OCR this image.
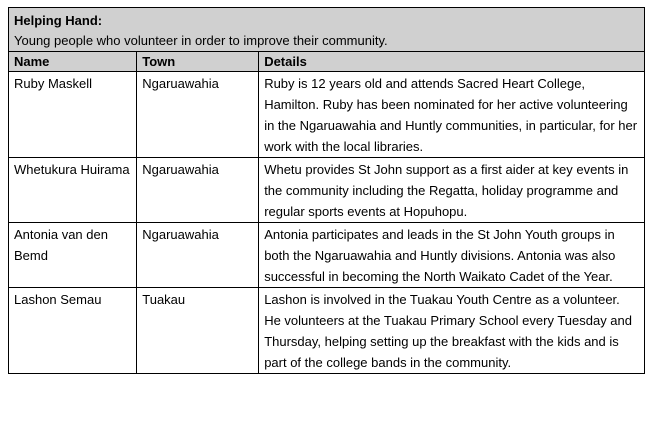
Helping Hand:
Young people who volunteer in order to improve their community.		

Name	Town	Details
Ruby Maskell	Ngaruawahia	Ruby is 12 years old and attends Sacred Heart College, Hamilton. Ruby has been nominated for her active volunteering in the Ngaruawahia and Huntly communities, in particular, for her work with the local libraries.
Whetukura Huirama	Ngaruawahia	Whetu provides St John support as a first aider at key events in the community including the Regatta, holiday programme and regular sports events at Hopuhopu.
Antonia van den Bemd	Ngaruawahia	Antonia participates and leads in the St John Youth groups in both the Ngaruawahia and Huntly divisions. Antonia was also successful in becoming the North Waikato Cadet of the Year.
Lashon Semau	Tuakau	Lashon is involved in the Tuakau Youth Centre as a volunteer. He volunteers at the Tuakau Primary School every Tuesday and Thursday, helping setting up the breakfast with the kids and is part of the college bands in the community.
